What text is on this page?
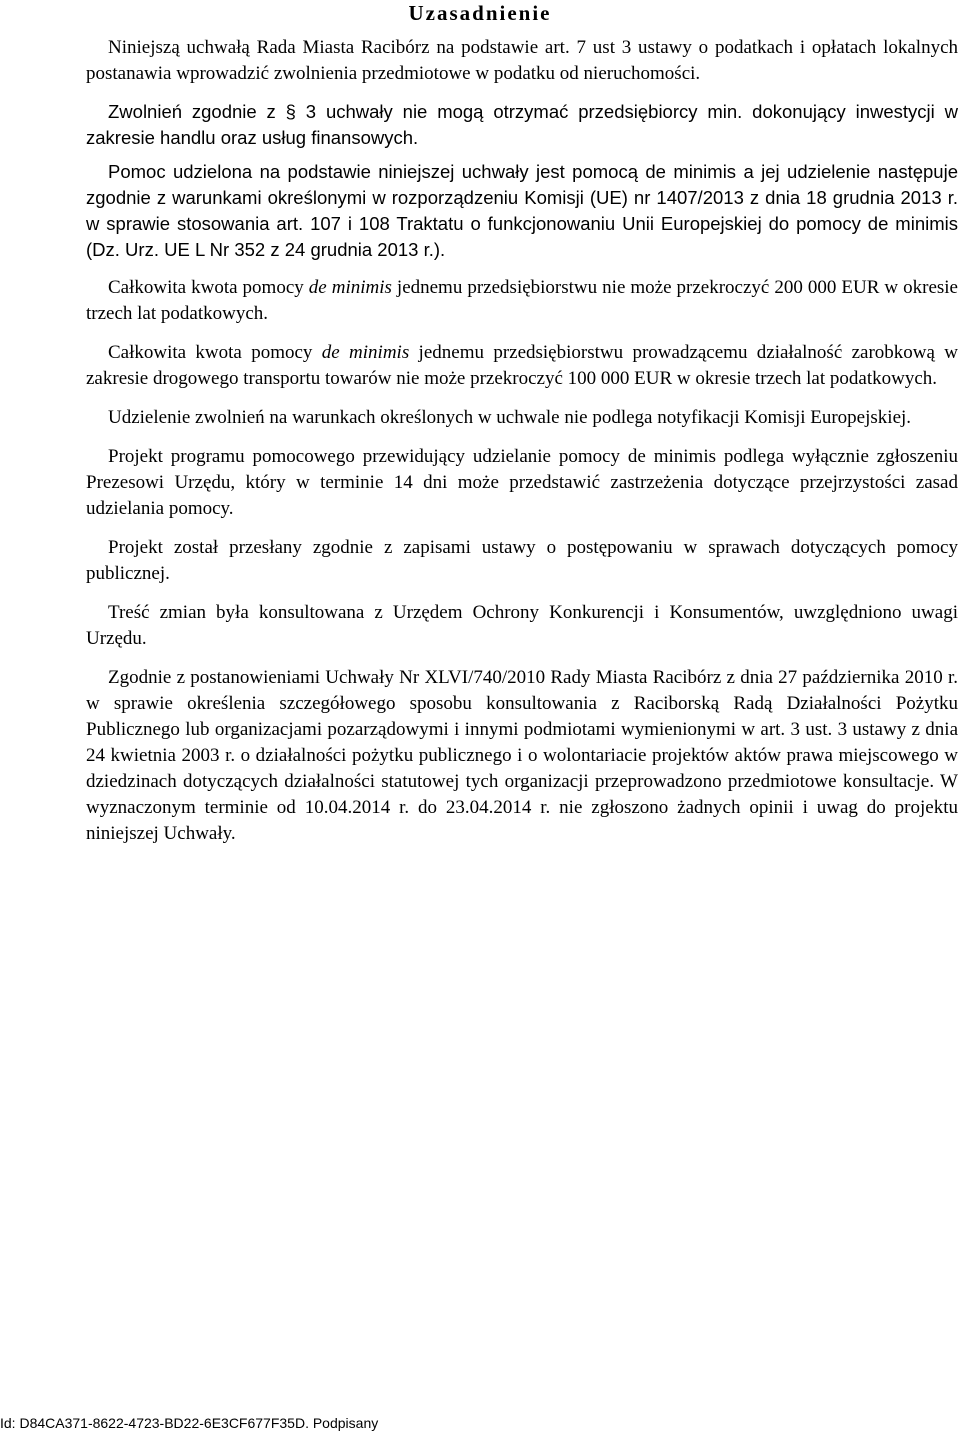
Uzasadnienie

Niniejszą uchwałą Rada Miasta Racibórz na podstawie art. 7 ust 3 ustawy o podatkach i opłatach lokalnych postanawia wprowadzić zwolnienia przedmiotowe w podatku od nieruchomości.

Zwolnień zgodnie z § 3 uchwały nie mogą otrzymać przedsiębiorcy min. dokonujący inwestycji w zakresie handlu oraz usług finansowych.

Pomoc udzielona na podstawie niniejszej uchwały jest pomocą de minimis a jej udzielenie następuje zgodnie z warunkami określonymi w rozporządzeniu Komisji (UE) nr 1407/2013 z dnia 18 grudnia 2013 r. w sprawie stosowania art. 107 i 108 Traktatu o funkcjonowaniu Unii Europejskiej do pomocy de minimis (Dz. Urz. UE L Nr 352 z 24 grudnia 2013 r.).

Całkowita kwota pomocy de minimis jednemu przedsiębiorstwu nie może przekroczyć 200 000 EUR w okresie trzech lat podatkowych.

Całkowita kwota pomocy de minimis jednemu przedsiębiorstwu prowadzącemu działalność zarobkową w zakresie drogowego transportu towarów nie może przekroczyć 100 000 EUR w okresie trzech lat podatkowych.

Udzielenie zwolnień na warunkach określonych w uchwale nie podlega notyfikacji Komisji Europejskiej.

Projekt programu pomocowego przewidujący udzielanie pomocy de minimis podlega wyłącznie zgłoszeniu Prezesowi Urzędu, który w terminie 14 dni może przedstawić zastrzeżenia dotyczące przejrzystości zasad udzielania pomocy.

Projekt został przesłany zgodnie z zapisami ustawy o postępowaniu w sprawach dotyczących pomocy publicznej.

Treść zmian była konsultowana z Urzędem Ochrony Konkurencji i Konsumentów, uwzględniono uwagi Urzędu.

Zgodnie z postanowieniami Uchwały Nr XLVI/740/2010 Rady Miasta Racibórz z dnia 27 października 2010 r. w sprawie określenia szczegółowego sposobu konsultowania z Raciborską Radą Działalności Pożytku Publicznego lub organizacjami pozarządowymi i innymi podmiotami wymienionymi w art. 3 ust. 3 ustawy z dnia 24 kwietnia 2003 r. o działalności pożytku publicznego i o wolontariacie projektów aktów prawa miejscowego w dziedzinach dotyczących działalności statutowej tych organizacji przeprowadzono przedmiotowe konsultacje. W wyznaczonym terminie od 10.04.2014 r. do 23.04.2014 r. nie zgłoszono żadnych opinii i uwag do projektu niniejszej Uchwały.

Id: D84CA371-8622-4723-BD22-6E3CF677F35D. Podpisany
